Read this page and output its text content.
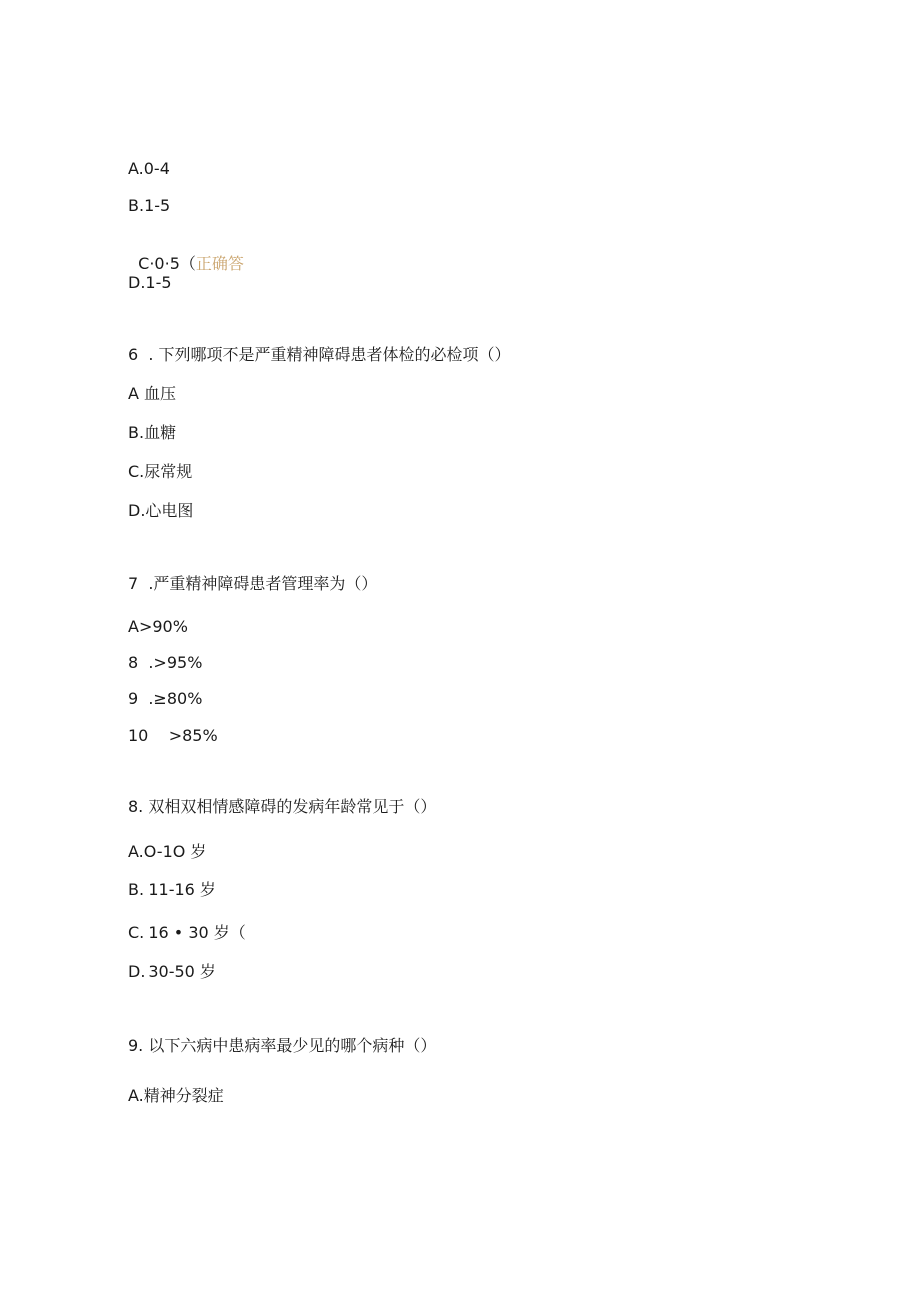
A.0-4
B.1-5

C·0·5（正确答

D.1-5
6	. 下列哪项不是严重精神障碍患者体检的必检项（）
A 血压
B.血糖
C.尿常规
D.心电图
7	.严重精神障碍患者管理率为（）
A>90%
8	.>95%
9	.≥80%
10	>85%
8. 双相双相情感障碍的发病年龄常见于（）
A.O-1O 岁
B.	11-16 岁
C.	16 • 30 岁（
D.	30-50 岁
9. 以下六病中患病率最少见的哪个病种（）
A.精神分裂症
